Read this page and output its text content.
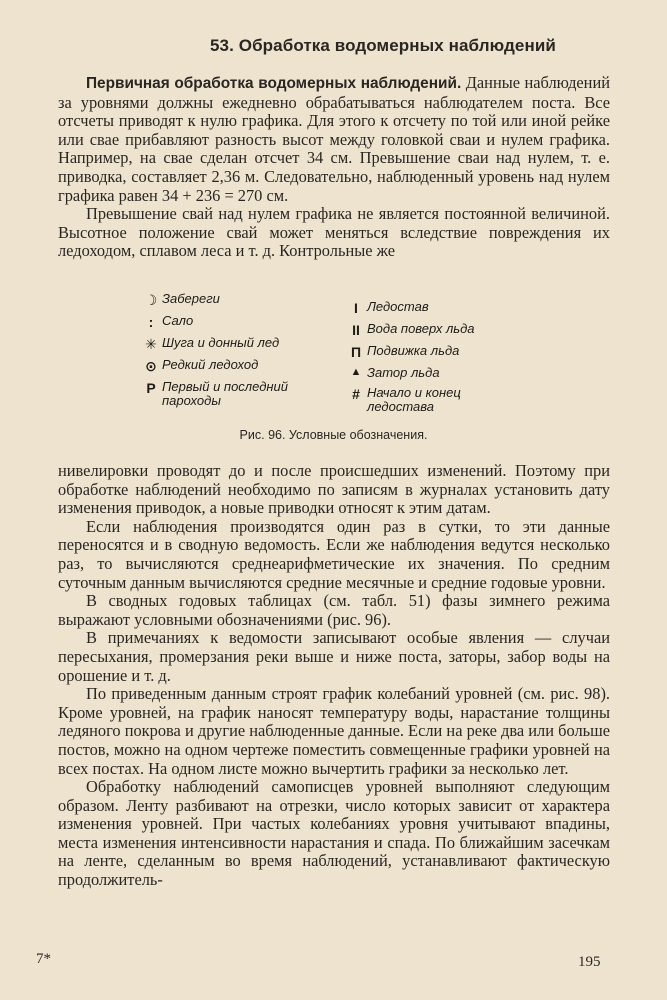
53. Обработка водомерных наблюдений

Первичная обработка водомерных наблюдений. Данные наблюдений за уровнями должны ежедневно обрабатываться наблюдателем поста. Все отсчеты приводят к нулю графика. Для этого к отсчету по той или иной рейке или свае прибавляют разность высот между головкой сваи и нулем графика. Например, на свае сделан отсчет 34 см. Превышение сваи над нулем, т. е. приводка, составляет 2,36 м. Следовательно, наблюденный уровень над нулем графика равен 34 + 236 = 270 см.

Превышение свай над нулем графика не является постоянной величиной. Высотное положение свай может меняться вследствие повреждения их ледоходом, сплавом леса и т. д. Контрольные же

☽ Забереги
: Сало
✳ Шуга и донный лед
⊙ Редкий ледоход
P Первый и последний пароходы
I Ледостав
II Вода поверх льда
П Подвижка льда
▲ Затор льда
# Начало и конец ледостава
Рис. 96. Условные обозначения.

нивелировки проводят до и после происшедших изменений. Поэтому при обработке наблюдений необходимо по записям в журналах установить дату изменения приводок, а новые приводки относят к этим датам.

Если наблюдения производятся один раз в сутки, то эти данные переносятся и в сводную ведомость. Если же наблюдения ведутся несколько раз, то вычисляются среднеарифметические их значения. По средним суточным данным вычисляются средние месячные и средние годовые уровни.

В сводных годовых таблицах (см. табл. 51) фазы зимнего режима выражают условными обозначениями (рис. 96).

В примечаниях к ведомости записывают особые явления — случаи пересыхания, промерзания реки выше и ниже поста, заторы, забор воды на орошение и т. д.

По приведенным данным строят график колебаний уровней (см. рис. 98). Кроме уровней, на график наносят температуру воды, нарастание толщины ледяного покрова и другие наблюденные данные. Если на реке два или больше постов, можно на одном чертеже поместить совмещенные графики уровней на всех постах. На одном листе можно вычертить графики за несколько лет.

Обработку наблюдений самописцев уровней выполняют следующим образом. Ленту разбивают на отрезки, число которых зависит от характера изменения уровней. При частых колебаниях уровня учитывают впадины, места изменения интенсивности нарастания и спада. По ближайшим засечкам на ленте, сделанным во время наблюдений, устанавливают фактическую продолжитель-

7*	195
